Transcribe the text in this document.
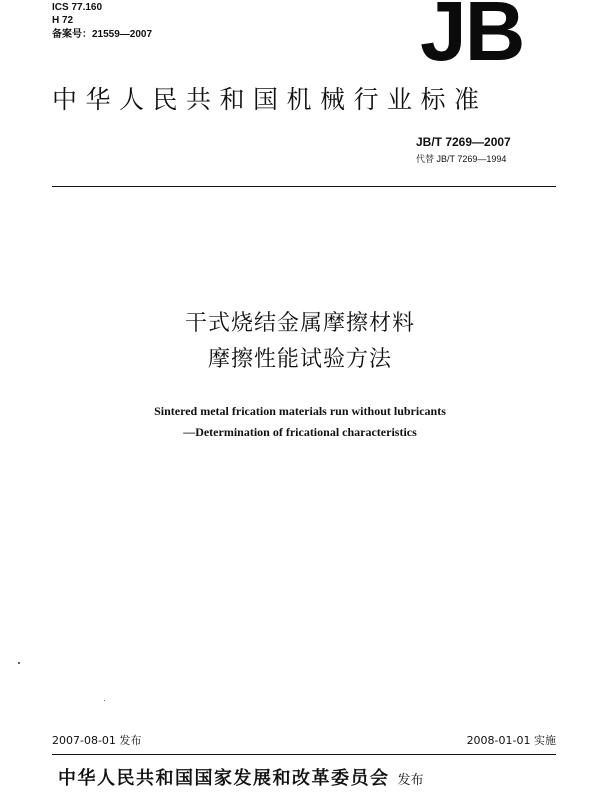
ICS 77.160
H 72
备案号：21559—2007	JB
中华人民共和国机械行业标准
JB/T 7269—2007
代替 JB/T 7269—1994
干式烧结金属摩擦材料
摩擦性能试验方法
Sintered metal frication materials run without lubricants
—Determination of fricational characteristics
2007-08-01 发布	2008-01-01 实施
中华人民共和国国家发展和改革委员会 发布
